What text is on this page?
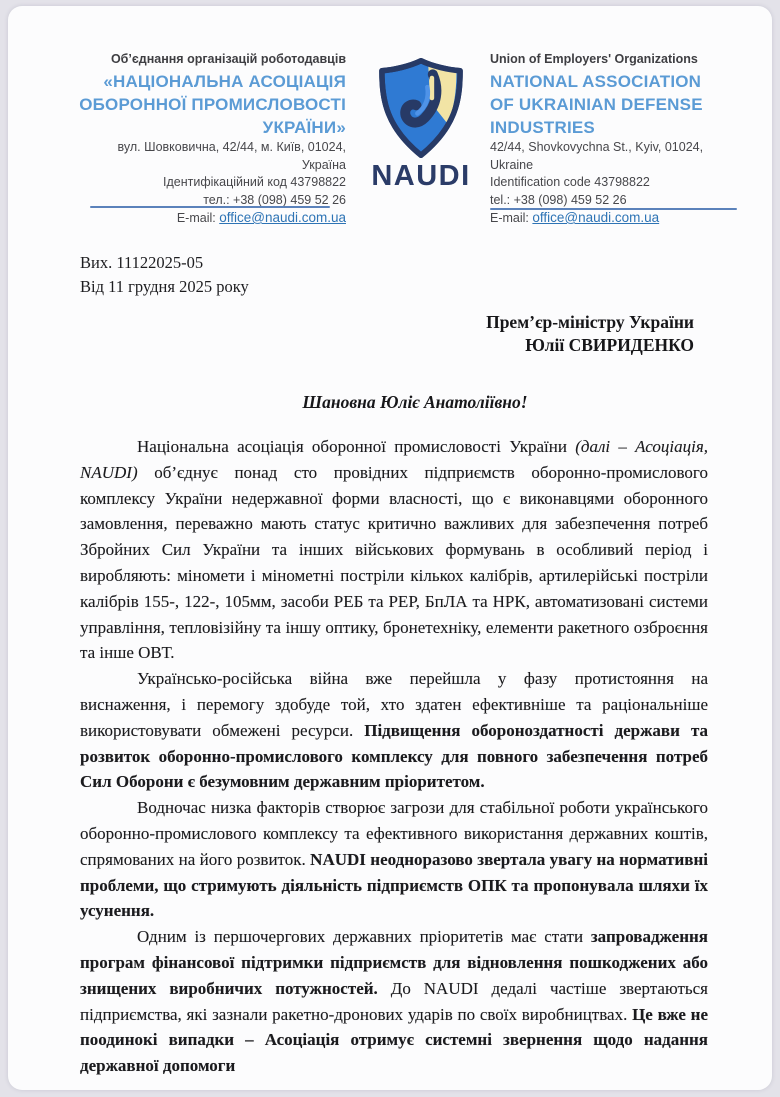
Об’єднання організацій роботодавців
«НАЦІОНАЛЬНА АСОЦІАЦІЯ
ОБОРОННОЇ ПРОМИСЛОВОСТІ
УКРАЇНИ»
вул. Шовковична, 42/44, м. Київ, 01024, Україна
Ідентифікаційний код 43798822
тел.: +38 (098) 459 52 26
E-mail: office@naudi.com.ua
NAUDI
Union of Employers' Organizations
NATIONAL ASSOCIATION
OF UKRAINIAN DEFENSE
INDUSTRIES
42/44, Shovkovychna St., Kyiv, 01024, Ukraine
Identification code 43798822
tel.: +38 (098) 459 52 26
E-mail: office@naudi.com.ua
Вих. 11122025-05
Від 11 грудня 2025 року
Прем’єр-міністру України
Юлії СВИРИДЕНКО
Шановна Юліє Анатоліївно!

Національна асоціація оборонної промисловості України (далі – Асоціація, NAUDI) об’єднує понад сто провідних підприємств оборонно-промислового комплексу України недержавної форми власності, що є виконавцями оборонного замовлення, переважно мають статус критично важливих для забезпечення потреб Збройних Сил України та інших військових формувань в особливий період і виробляють: міномети і мінометні постріли кількох калібрів, артилерійські постріли калібрів 155-, 122-, 105мм, засоби РЕБ та РЕР, БпЛА та НРК, автоматизовані системи управління, тепловізійну та іншу оптику, бронетехніку, елементи ракетного озброєння та інше ОВТ.

Українсько-російська війна вже перейшла у фазу протистояння на виснаження, і перемогу здобуде той, хто здатен ефективніше та раціональніше використовувати обмежені ресурси. Підвищення обороноздатності держави та розвиток оборонно-промислового комплексу для повного забезпечення потреб Сил Оборони є безумовним державним пріоритетом.

Водночас низка факторів створює загрози для стабільної роботи українського оборонно-промислового комплексу та ефективного використання державних коштів, спрямованих на його розвиток. NAUDI неодноразово звертала увагу на нормативні проблеми, що стримують діяльність підприємств ОПК та пропонувала шляхи їх усунення.

Одним із першочергових державних пріоритетів має стати запровадження програм фінансової підтримки підприємств для відновлення пошкоджених або знищених виробничих потужностей. До NAUDI дедалі частіше звертаються підприємства, які зазнали ракетно-дронових ударів по своїх виробництвах. Це вже не поодинокі випадки – Асоціація отримує системні звернення щодо надання державної допомоги
